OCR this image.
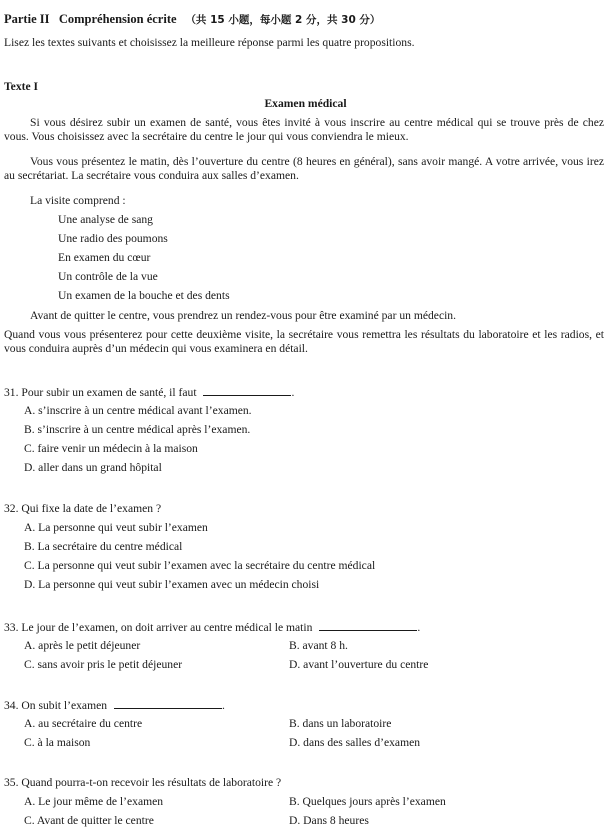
Partie II   Compréhension écrite （共 15 小题，每小题 2 分，共 30 分）
Lisez les textes suivants et choisissez la meilleure réponse parmi les quatre propositions.
Texte I
Examen médical
Si vous désirez subir un examen de santé, vous êtes invité à vous inscrire au centre médical qui se trouve près de chez vous. Vous choisissez avec la secrétaire du centre le jour qui vous conviendra le mieux.
Vous vous présentez le matin, dès l’ouverture du centre (8 heures en général), sans avoir mangé. A votre arrivée, vous irez au secrétariat. La secrétaire vous conduira aux salles d’examen.
La visite comprend :
Une analyse de sang
Une radio des poumons
En examen du cœur
Un contrôle de la vue
Un examen de la bouche et des dents
Avant de quitter le centre, vous prendrez un rendez-vous pour être examiné par un médecin.
Quand vous vous présenterez pour cette deuxième visite, la secrétaire vous remettra les résultats du laboratoire et les radios, et vous conduira auprès d’un médecin qui vous examinera en détail.
31. Pour subir un examen de santé, il faut	.
A. s’inscrire à un centre médical avant l’examen.
B. s’inscrire à un centre médical après l’examen.
C. faire venir un médecin à la maison
D. aller dans un grand hôpital
32. Qui fixe la date de l’examen ?
A. La personne qui veut subir l’examen
B. La secrétaire du centre médical
C. La personne qui veut subir l’examen avec la secrétaire du centre médical
D. La personne qui veut subir l’examen avec un médecin choisi
33. Le jour de l’examen, on doit arriver au centre médical le matin	.
A. après le petit déjeuner	B. avant 8 h.
C. sans avoir pris le petit déjeuner	D. avant l’ouverture du centre
34. On subit l’examen	.
A. au secrétaire du centre	B. dans un laboratoire
C. à la maison	D. dans des salles d’examen
35. Quand pourra-t-on recevoir les résultats de laboratoire ?
A. Le jour même de l’examen	B. Quelques jours après l’examen
C. Avant de quitter le centre	D. Dans 8 heures
